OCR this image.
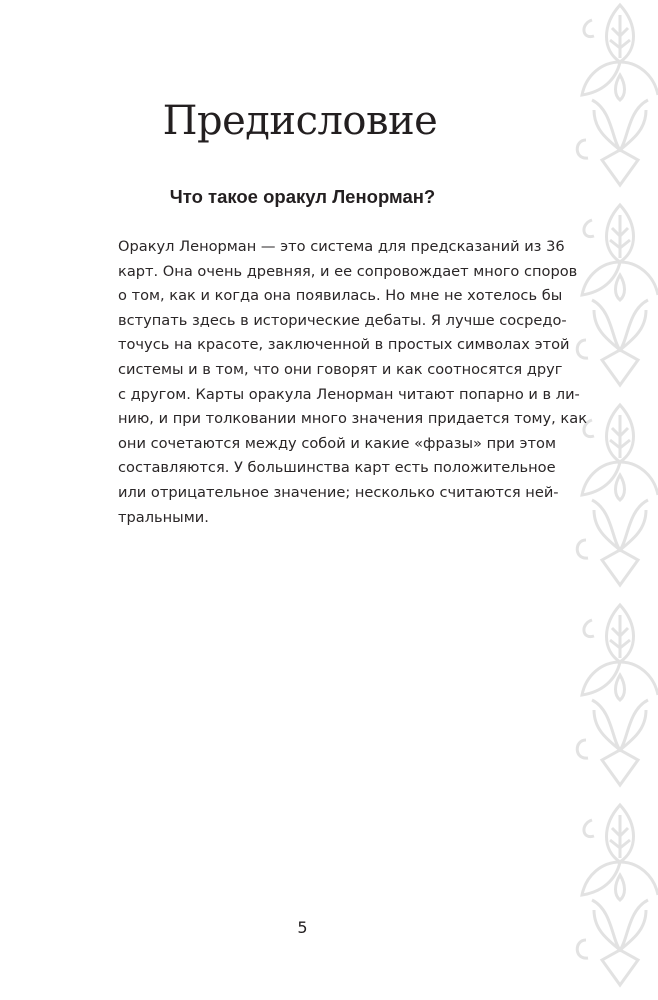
Предисловие
Что такое оракул Ленорман?
Оракул Ленорман — это система для предсказаний из 36
карт. Она очень древняя, и ее сопровождает много споров
о том, как и когда она появилась. Но мне не хотелось бы
вступать здесь в исторические дебаты. Я лучше сосредо-
точусь на красоте, заключенной в простых символах этой
системы и в том, что они говорят и как соотносятся друг
с другом. Карты оракула Ленорман читают попарно и в ли-
нию, и при толковании много значения придается тому, как
они сочетаются между собой и какие «фразы» при этом
составляются. У большинства карт есть положительное
или отрицательное значение; несколько считаются ней-
тральными.
5
